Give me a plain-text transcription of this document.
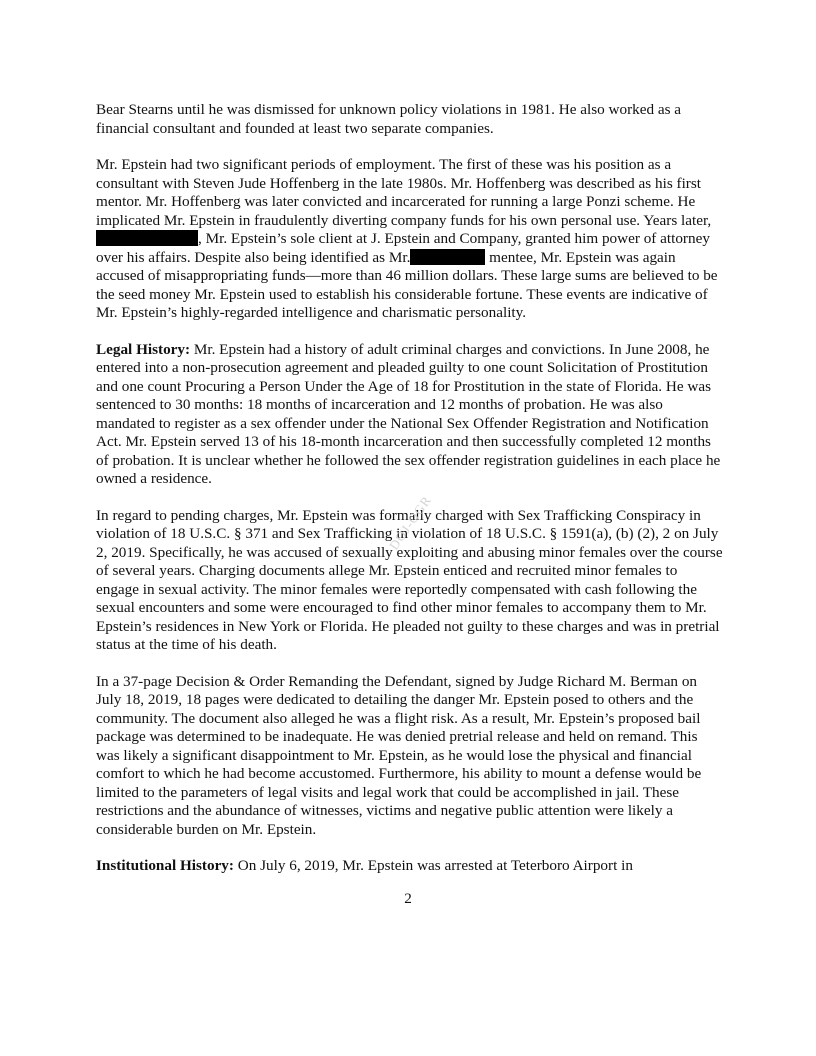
Bear Stearns until he was dismissed for unknown policy violations in 1981. He also worked as a financial consultant and founded at least two separate companies.

Mr. Epstein had two significant periods of employment. The first of these was his position as a consultant with Steven Jude Hoffenberg in the late 1980s. Mr. Hoffenberg was described as his first mentor. Mr. Hoffenberg was later convicted and incarcerated for running a large Ponzi scheme. He implicated Mr. Epstein in fraudulently diverting company funds for his own personal use. Years later,, Mr. Epstein’s sole client at J. Epstein and Company, granted him power of attorney over his affairs. Despite also being identified as Mr.	mentee, Mr. Epstein was again accused of misappropriating funds—more than 46 million dollars. These large sums are believed to be the seed money Mr. Epstein used to establish his considerable fortune. These events are indicative of Mr. Epstein’s highly-regarded intelligence and charismatic personality.

Legal History: Mr. Epstein had a history of adult criminal charges and convictions. In June 2008, he entered into a non-prosecution agreement and pleaded guilty to one count Solicitation of Prostitution and one count Procuring a Person Under the Age of 18 for Prostitution in the state of Florida. He was sentenced to 30 months: 18 months of incarceration and 12 months of probation. He was also mandated to register as a sex offender under the National Sex Offender Registration and Notification Act. Mr. Epstein served 13 of his 18-month incarceration and then successfully completed 12 months of probation. It is unclear whether he followed the sex offender registration guidelines in each place he owned a residence.

In regard to pending charges, Mr. Epstein was formally charged with Sex Trafficking Conspiracy in violation of 18 U.S.C. § 371 and Sex Trafficking in violation of 18 U.S.C. § 1591(a), (b) (2), 2 on July 2, 2019. Specifically, he was accused of sexually exploiting and abusing minor females over the course of several years. Charging documents allege Mr. Epstein enticed and recruited minor females to engage in sexual activity. The minor females were reportedly compensated with cash following the sexual encounters and some were encouraged to find other minor females to accompany them to Mr. Epstein’s residences in New York or Florida. He pleaded not guilty to these charges and was in pretrial status at the time of his death.

In a 37-page Decision & Order Remanding the Defendant, signed by Judge Richard M. Berman on July 18, 2019, 18 pages were dedicated to detailing the danger Mr. Epstein posed to others and the community. The document also alleged he was a flight risk. As a result, Mr. Epstein’s proposed bail package was determined to be inadequate. He was denied pretrial release and held on remand. This was likely a significant disappointment to Mr. Epstein, as he would lose the physical and financial comfort to which he had become accustomed. Furthermore, his ability to mount a defense would be limited to the parameters of legal visits and legal work that could be accomplished in jail. These restrictions and the abundance of witnesses, victims and negative public attention were likely a considerable burden on Mr. Epstein.

Institutional History: On July 6, 2019, Mr. Epstein was arrested at Teterboro Airport in

DOJ-OGR
2
